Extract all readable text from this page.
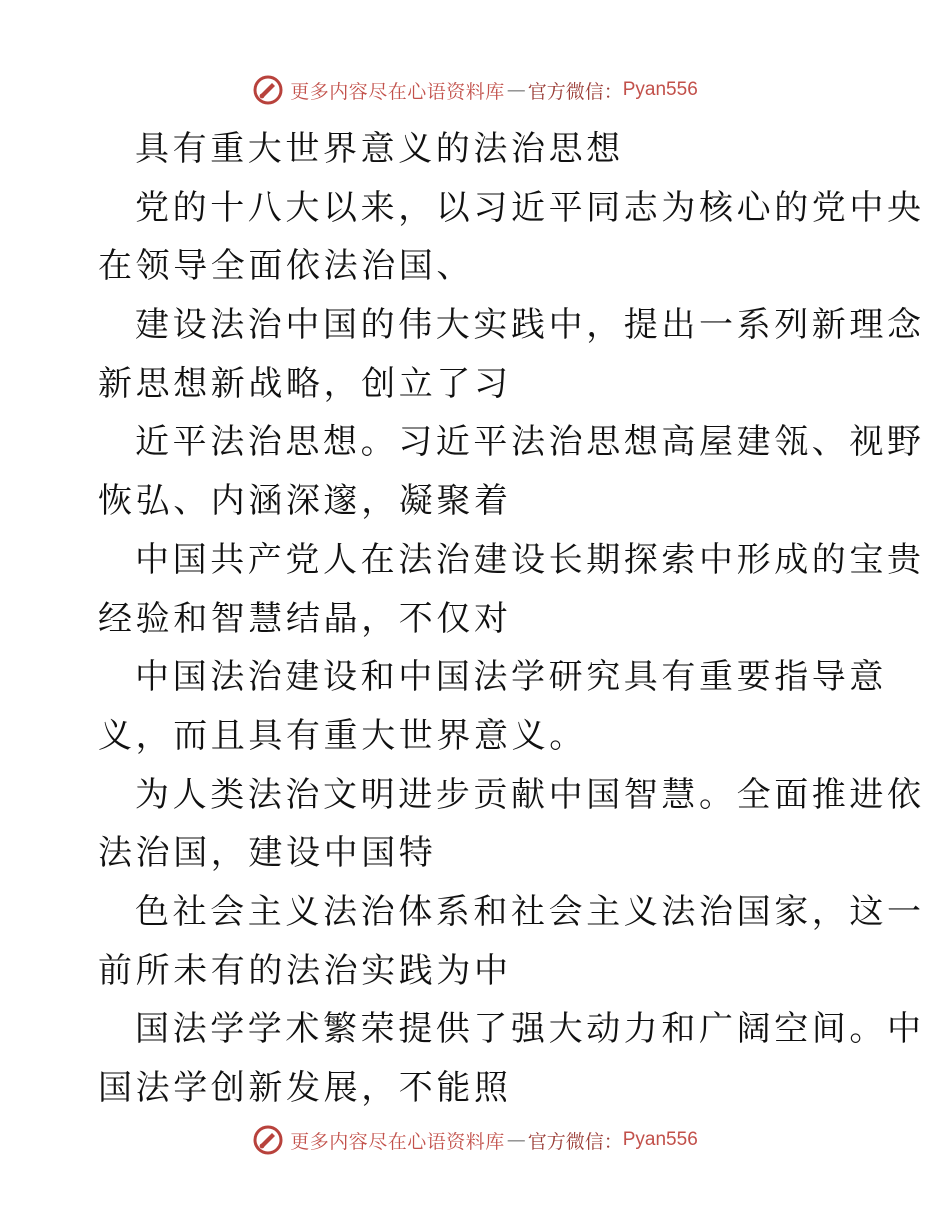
更多内容尽在心语资料库 — 官方微信： Pyan556
具有重大世界意义的法治思想
党的十八大以来，以习近平同志为核心的党中央
在领导全面依法治国、
建设法治中国的伟大实践中，提出一系列新理念
新思想新战略，创立了习
近平法治思想。习近平法治思想高屋建瓴、视野
恢弘、内涵深邃，凝聚着
中国共产党人在法治建设长期探索中形成的宝贵
经验和智慧结晶，不仅对
中国法治建设和中国法学研究具有重要指导意
义，而且具有重大世界意义。
为人类法治文明进步贡献中国智慧。全面推进依
法治国，建设中国特
色社会主义法治体系和社会主义法治国家，这一
前所未有的法治实践为中
国法学学术繁荣提供了强大动力和广阔空间。中
国法学创新发展，不能照
更多内容尽在心语资料库 — 官方微信： Pyan556
